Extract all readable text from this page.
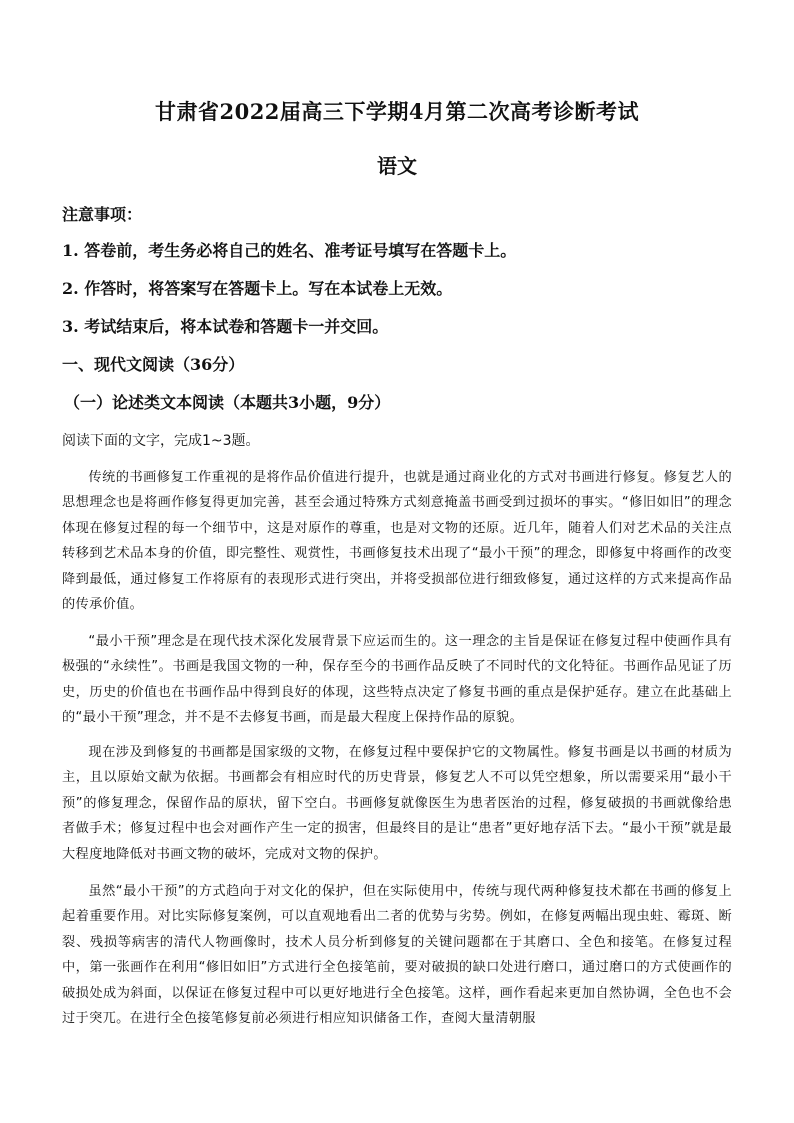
甘肃省2022届高三下学期4月第二次高考诊断考试
语文
注意事项：
1. 答卷前，考生务必将自己的姓名、准考证号填写在答题卡上。
2. 作答时，将答案写在答题卡上。写在本试卷上无效。
3. 考试结束后，将本试卷和答题卡一并交回。
一、现代文阅读（36分）
（一）论述类文本阅读（本题共3小题，9分）
阅读下面的文字，完成1~3题。
传统的书画修复工作重视的是将作品价值进行提升，也就是通过商业化的方式对书画进行修复。修复艺人的思想理念也是将画作修复得更加完善，甚至会通过特殊方式刻意掩盖书画受到过损坏的事实。“修旧如旧”的理念体现在修复过程的每一个细节中，这是对原作的尊重，也是对文物的还原。近几年，随着人们对艺术品的关注点转移到艺术品本身的价值，即完整性、观赏性，书画修复技术出现了“最小干预”的理念，即修复中将画作的改变降到最低，通过修复工作将原有的表现形式进行突出，并将受损部位进行细致修复，通过这样的方式来提高作品的传承价值。
“最小干预”理念是在现代技术深化发展背景下应运而生的。这一理念的主旨是保证在修复过程中使画作具有极强的“永续性”。书画是我国文物的一种，保存至今的书画作品反映了不同时代的文化特征。书画作品见证了历史，历史的价值也在书画作品中得到良好的体现，这些特点决定了修复书画的重点是保护延存。建立在此基础上的“最小干预”理念，并不是不去修复书画，而是最大程度上保持作品的原貌。
现在涉及到修复的书画都是国家级的文物，在修复过程中要保护它的文物属性。修复书画是以书画的材质为主，且以原始文献为依据。书画都会有相应时代的历史背景，修复艺人不可以凭空想象，所以需要采用“最小干预”的修复理念，保留作品的原状，留下空白。书画修复就像医生为患者医治的过程，修复破损的书画就像给患者做手术；修复过程中也会对画作产生一定的损害，但最终目的是让“患者”更好地存活下去。“最小干预”就是最大程度地降低对书画文物的破坏，完成对文物的保护。
虽然“最小干预”的方式趋向于对文化的保护，但在实际使用中，传统与现代两种修复技术都在书画的修复上起着重要作用。对比实际修复案例，可以直观地看出二者的优势与劣势。例如，在修复两幅出现虫蛀、霉斑、断裂、残损等病害的清代人物画像时，技术人员分析到修复的关键问题都在于其磨口、全色和接笔。在修复过程中，第一张画作在利用“修旧如旧”方式进行全色接笔前，要对破损的缺口处进行磨口，通过磨口的方式使画作的破损处成为斜面，以保证在修复过程中可以更好地进行全色接笔。这样，画作看起来更加自然协调，全色也不会过于突兀。在进行全色接笔修复前必须进行相应知识储备工作，查阅大量清朝服
